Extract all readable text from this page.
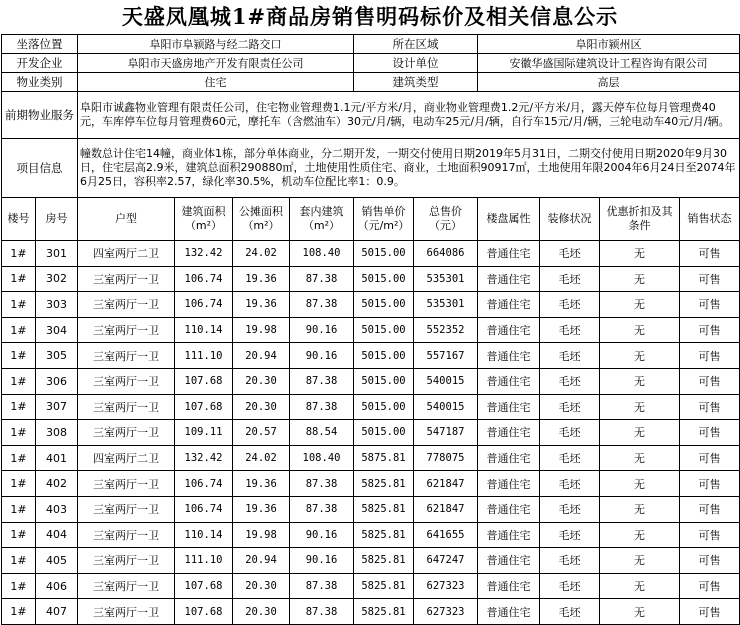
天盛凤凰城1#商品房销售明码标价及相关信息公示
坐落位置		阜阳市阜颍路与经二路交口				所在区域		阜阳市颍州区			
开发企业		阜阳市天盛房地产开发有限责任公司				设计单位		安徽华盛国际建筑设计工程咨询有限公司			
物业类别		住宅				建筑类型		高层			
前期物业服务		阜阳市诚鑫物业管理有限责任公司，住宅物业管理费1.1元/平方米/月，商业物业管理费1.2元/平方米/月，露天停车位每月管理费40元，车库停车位每月管理费60元，摩托车（含燃油车）30元/月/辆，电动车25元/月/辆，自行车15元/月/辆，三轮电动车40元/月/辆。									
项目信息		幢数总计住宅14幢，商业体1栋，部分单体商业，分二期开发，一期交付使用日期2019年5月31日，二期交付使用日期2020年9月30日，住宅层高2.9米，建筑总面积290880㎡，土地使用性质住宅、商业，土地面积90917㎡，土地使用年限2004年6月24日至2074年6月25日，容积率2.57，绿化率30.5%，机动车位配比率1：0.9。									
楼号	房号	户型	建筑面积（m²）	公摊面积（m²）	套内建筑（m²）	销售单价（元/m²）	总售价（元）	楼盘属性	装修状况	优惠折扣及其条件	销售状态
1#	301	四室两厅二卫	132.42	24.02	108.40	5015.00	664086	普通住宅	毛坯	无	可售
1#	302	三室两厅一卫	106.74	19.36	87.38	5015.00	535301	普通住宅	毛坯	无	可售
1#	303	三室两厅一卫	106.74	19.36	87.38	5015.00	535301	普通住宅	毛坯	无	可售
1#	304	三室两厅一卫	110.14	19.98	90.16	5015.00	552352	普通住宅	毛坯	无	可售
1#	305	三室两厅一卫	111.10	20.94	90.16	5015.00	557167	普通住宅	毛坯	无	可售
1#	306	三室两厅一卫	107.68	20.30	87.38	5015.00	540015	普通住宅	毛坯	无	可售
1#	307	三室两厅一卫	107.68	20.30	87.38	5015.00	540015	普通住宅	毛坯	无	可售
1#	308	三室两厅一卫	109.11	20.57	88.54	5015.00	547187	普通住宅	毛坯	无	可售
1#	401	四室两厅二卫	132.42	24.02	108.40	5875.81	778075	普通住宅	毛坯	无	可售
1#	402	三室两厅一卫	106.74	19.36	87.38	5825.81	621847	普通住宅	毛坯	无	可售
1#	403	三室两厅一卫	106.74	19.36	87.38	5825.81	621847	普通住宅	毛坯	无	可售
1#	404	三室两厅一卫	110.14	19.98	90.16	5825.81	641655	普通住宅	毛坯	无	可售
1#	405	三室两厅一卫	111.10	20.94	90.16	5825.81	647247	普通住宅	毛坯	无	可售
1#	406	三室两厅一卫	107.68	20.30	87.38	5825.81	627323	普通住宅	毛坯	无	可售
1#	407	三室两厅一卫	107.68	20.30	87.38	5825.81	627323	普通住宅	毛坯	无	可售
